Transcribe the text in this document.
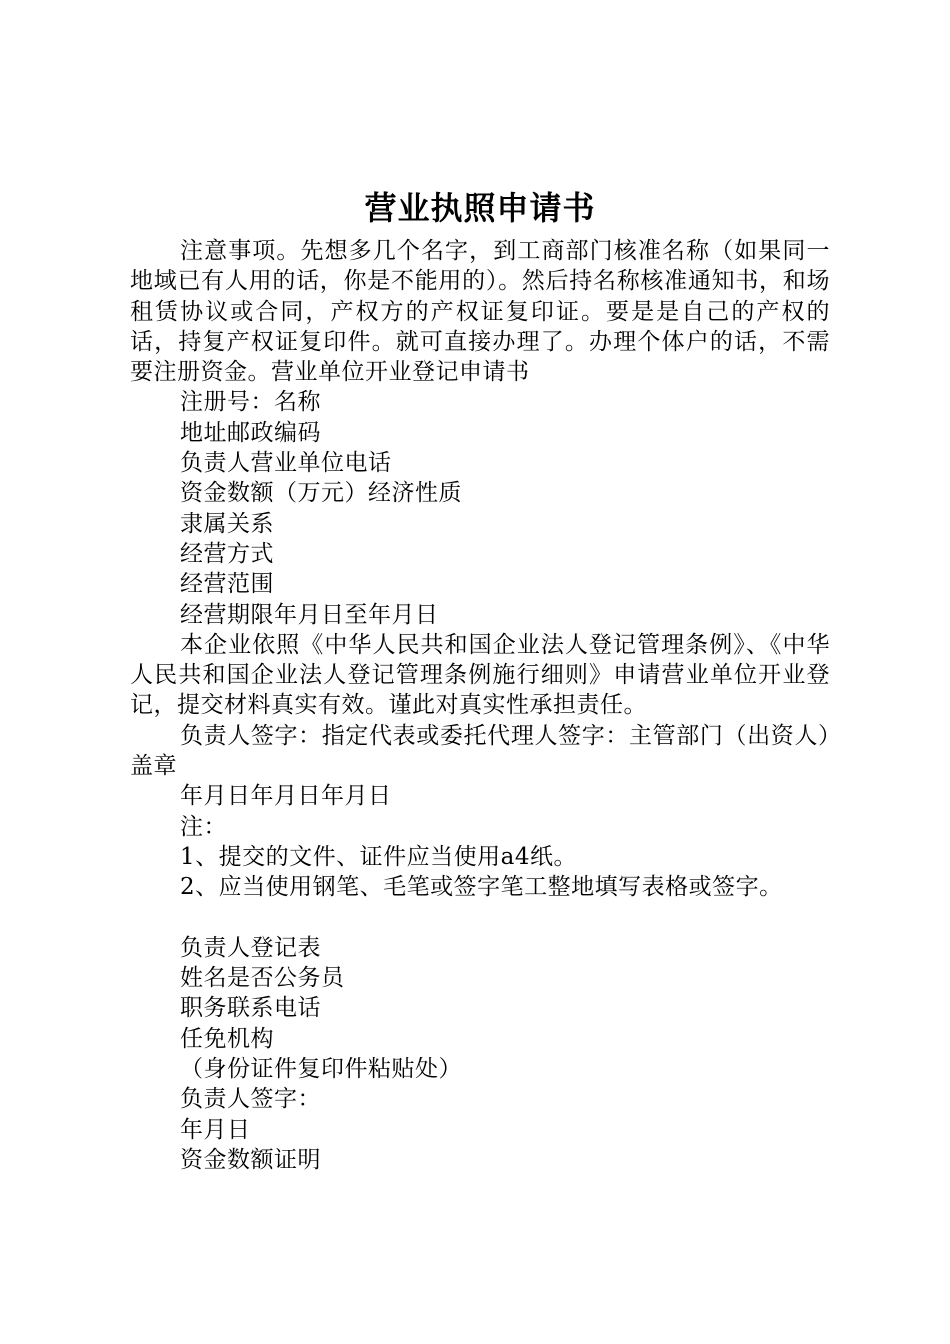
营业执照申请书

注意事项。先想多几个名字，到工商部门核准名称（如果同一地域已有人用的话，你是不能用的）。然后持名称核准通知书，和场租赁协议或合同，产权方的产权证复印证。要是是自己的产权的话，持复产权证复印件。就可直接办理了。办理个体户的话，不需要注册资金。营业单位开业登记申请书

注册号：名称

地址邮政编码

负责人营业单位电话

资金数额（万元）经济性质

隶属关系

经营方式

经营范围

经营期限年月日至年月日

本企业依照《中华人民共和国企业法人登记管理条例》、《中华人民共和国企业法人登记管理条例施行细则》申请营业单位开业登记，提交材料真实有效。谨此对真实性承担责任。

负责人签字：指定代表或委托代理人签字：主管部门（出资人）盖章

年月日年月日年月日

注：

1、提交的文件、证件应当使用a4纸。

2、应当使用钢笔、毛笔或签字笔工整地填写表格或签字。

负责人登记表

姓名是否公务员

职务联系电话

任免机构

（身份证件复印件粘贴处）

负责人签字：

年月日

资金数额证明
